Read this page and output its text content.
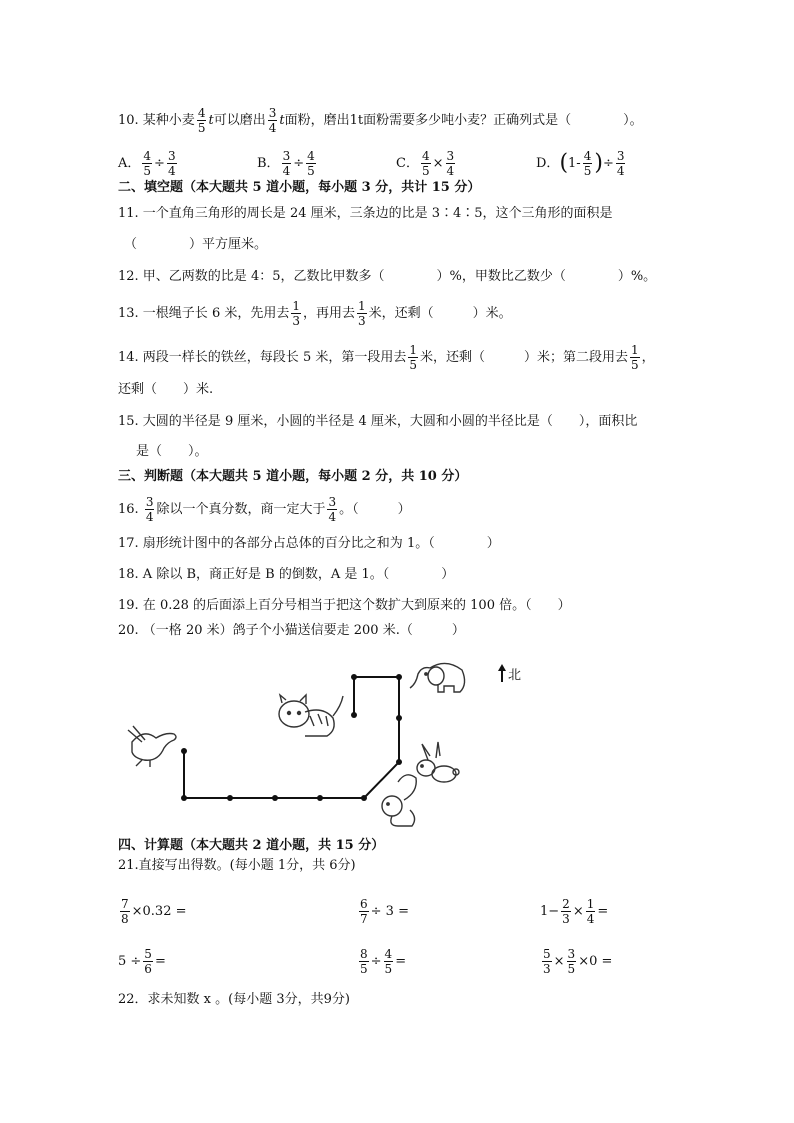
10. 某种小麦 $\frac{4}{5}$ t可以磨出 $\frac{3}{4}$ t面粉，磨出1t面粉需要多少吨小麦？正确列式是（　　　　）。
A． $\frac{4}{5} \div \frac{3}{4}$	B． $\frac{3}{4} \div \frac{4}{5}$	C． $\frac{4}{5} \times \frac{3}{4}$	D．($1- \frac{4}{5}$ )÷ $\frac{3}{4}$
二、填空题（本大题共 5 道小题，每小题 3 分，共计 15 分）
11. 一个直角三角形的周长是 24 厘米，三条边的比是 3∶4∶5，这个三角形的面积是
（　　　　）平方厘米。
12. 甲、乙两数的比是 4：5，乙数比甲数多（　　　　）%，甲数比乙数少（　　　　）%。
13. 一根绳子长 6 米，先用去 $\frac{1}{3}$ ，再用去 $\frac{1}{3}$ 米，还剩（　　　）米。
14. 两段一样长的铁丝，每段长 5 米，第一段用去 $\frac{1}{5}$ 米，还剩（　　　）米；第二段用去 $\frac{1}{5}$ ，
还剩（　　）米.
15. 大圆的半径是 9 厘米，小圆的半径是 4 厘米，大圆和小圆的半径比是（　　），面积比
是（　　）。
三、判断题（本大题共 5 道小题，每小题 2 分，共 10 分）
16. $\frac{3}{4}$ 除以一个真分数，商一定大于 $\frac{3}{4}$ 。（　　　）
17. 扇形统计图中的各部分占总体的百分比之和为 1。（　　　　）
18. A 除以 B，商正好是 B 的倒数，A 是 1。（　　　　）
19. 在 0.28 的后面添上百分号相当于把这个数扩大到原来的 100 倍。（　　）
20. （一格 20 米）鸽子个小猫送信要走 200 米.（　　　）
北
四、计算题（本大题共 2 道小题，共 15 分）
21.直接写出得数。(每小题 1分，共 6分)
$\frac{7}{8} \times 0.32$ =	$\frac{6}{7} \div 3$ =	$1- \frac{2}{3} \times \frac{1}{4}$ =
$5 \div \frac{5}{6}$ =	$\frac{8}{5} \div \frac{4}{5}$ =	$\frac{5}{3} \times \frac{3}{5} \times 0$ =
22．求未知数 x 。(每小题 3分，共9分)
